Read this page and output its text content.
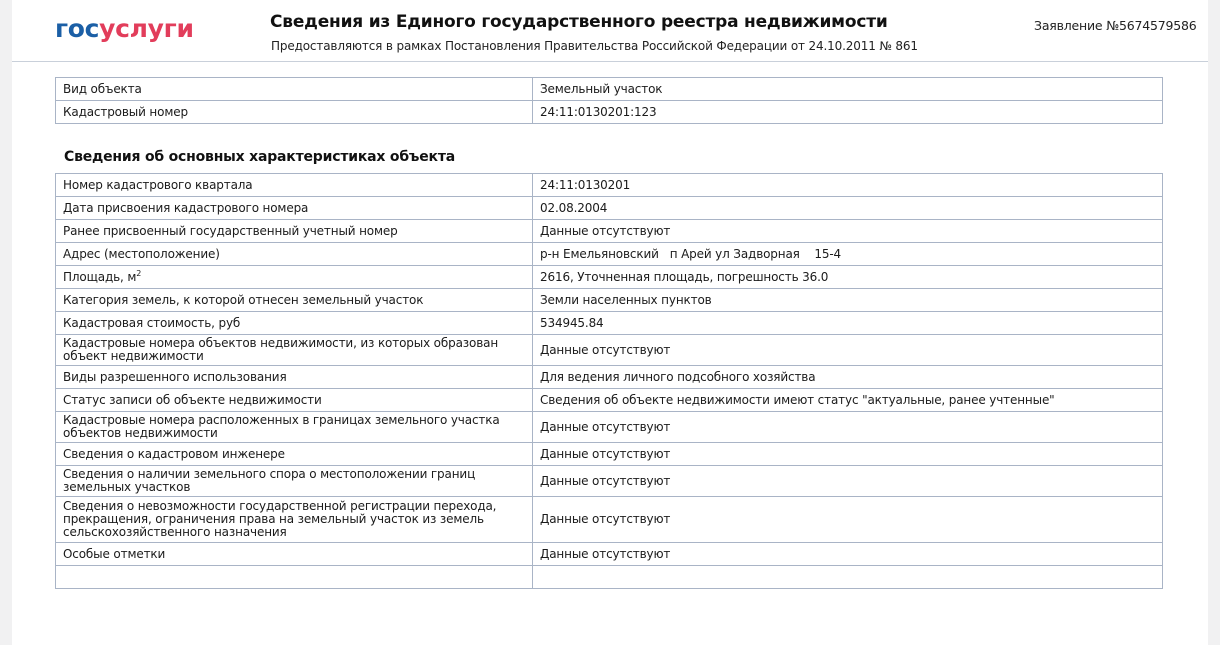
госуслуги	Сведения из Единого государственного реестра недвижимости
Предоставляются в рамках Постановления Правительства Российской Федерации от 24.10.2011 № 861
Заявление №5674579586
Вид объекта	Земельный участок
Кадастровый номер	24:11:0130201:123
Сведения об основных характеристиках объекта
Номер кадастрового квартала	24:11:0130201
Дата присвоения кадастрового номера	02.08.2004
Ранее присвоенный государственный учетный номер	Данные отсутствуют
Адрес (местоположение)	р-н Емельяновский   п Арей ул Задворная    15-4
Площадь, $м^2$	2616, Уточненная площадь, погрешность 36.0
Категория земель, к которой отнесен земельный участок	Земли населенных пунктов
Кадастровая стоимость, руб	534945.84
Кадастровые номера объектов недвижимости, из которых образован объект недвижимости	Данные отсутствуют
Виды разрешенного использования	Для ведения личного подсобного хозяйства
Статус записи об объекте недвижимости	Сведения об объекте недвижимости имеют статус "актуальные, ранее учтенные"
Кадастровые номера расположенных в границах земельного участка объектов недвижимости	Данные отсутствуют
Сведения о кадастровом инженере	Данные отсутствуют
Сведения о наличии земельного спора о местоположении границ земельных участков	Данные отсутствуют
Сведения о невозможности государственной регистрации перехода, прекращения, ограничения права на земельный участок из земель сельскохозяйственного назначения	Данные отсутствуют
Особые отметки	Данные отсутствуют
